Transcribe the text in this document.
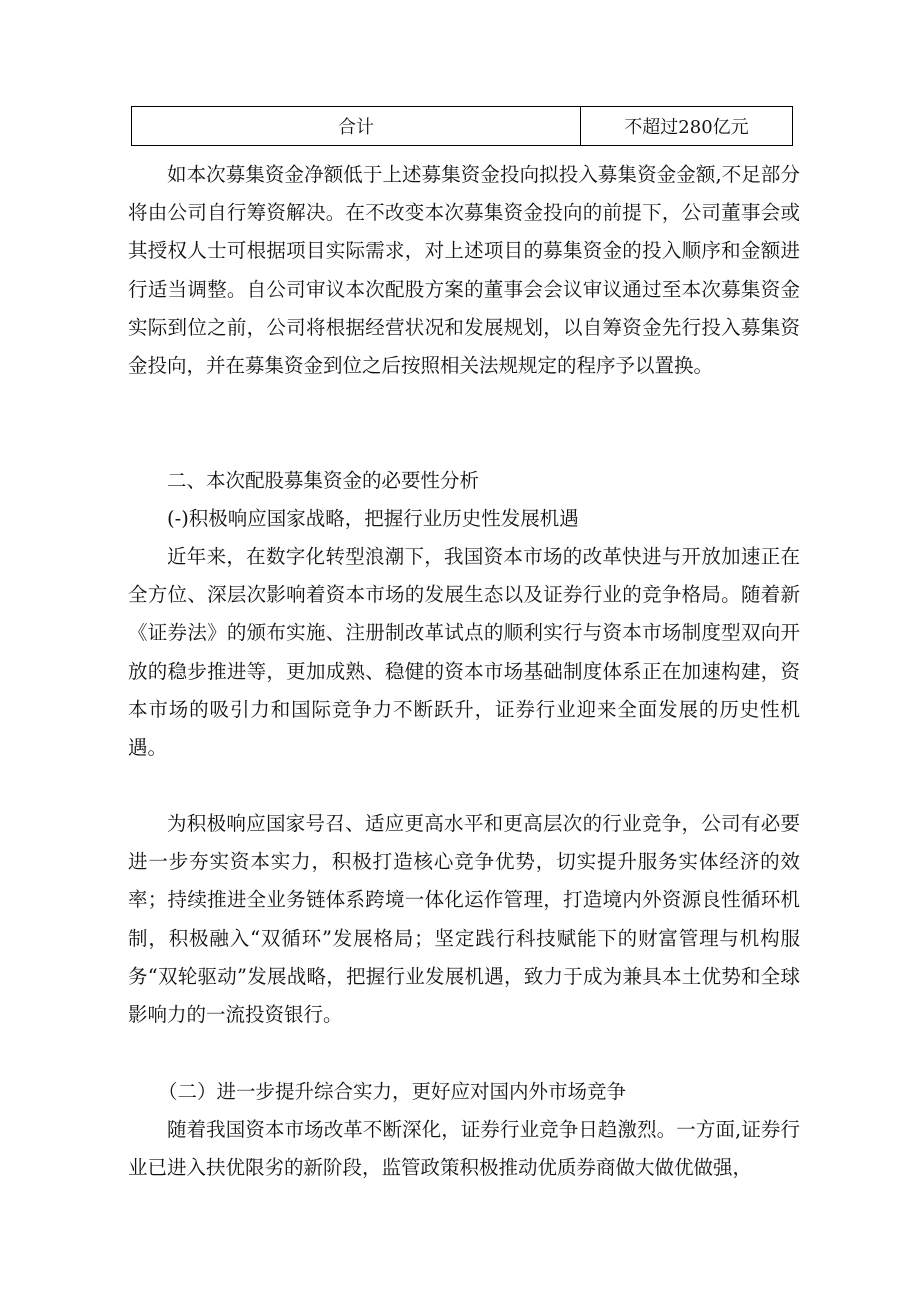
合计	不超过280亿元

如本次募集资金净额低于上述募集资金投向拟投入募集资金金额,不足部分将由公司自行筹资解决。在不改变本次募集资金投向的前提下，公司董事会或其授权人士可根据项目实际需求，对上述项目的募集资金的投入顺序和金额进行适当调整。自公司审议本次配股方案的董事会会议审议通过至本次募集资金实际到位之前，公司将根据经营状况和发展规划，以自筹资金先行投入募集资金投向，并在募集资金到位之后按照相关法规规定的程序予以置换。

二、本次配股募集资金的必要性分析

(-)积极响应国家战略，把握行业历史性发展机遇

近年来，在数字化转型浪潮下，我国资本市场的改革快进与开放加速正在全方位、深层次影响着资本市场的发展生态以及证券行业的竞争格局。随着新《证券法》的颁布实施、注册制改革试点的顺利实行与资本市场制度型双向开放的稳步推进等，更加成熟、稳健的资本市场基础制度体系正在加速构建，资本市场的吸引力和国际竞争力不断跃升，证券行业迎来全面发展的历史性机遇。

为积极响应国家号召、适应更高水平和更高层次的行业竞争，公司有必要进一步夯实资本实力，积极打造核心竞争优势，切实提升服务实体经济的效率；持续推进全业务链体系跨境一体化运作管理，打造境内外资源良性循环机制，积极融入“双循环”发展格局；坚定践行科技赋能下的财富管理与机构服务“双轮驱动”发展战略，把握行业发展机遇，致力于成为兼具本土优势和全球影响力的一流投资银行。

（二）进一步提升综合实力，更好应对国内外市场竞争

随着我国资本市场改革不断深化，证券行业竞争日趋激烈。一方面,证券行业已进入扶优限劣的新阶段，监管政策积极推动优质券商做大做优做强，
